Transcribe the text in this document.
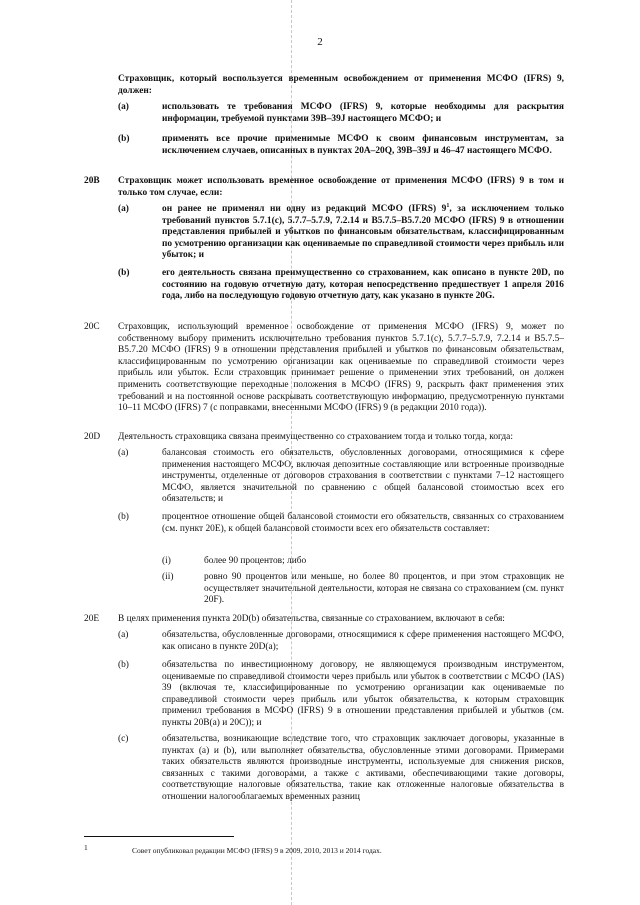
2

Страховщик, который воспользуется временным освобождением от применения МСФО (IFRS) 9, должен:

(a)	использовать те требования МСФО (IFRS) 9, которые необходимы для раскрытия информации, требуемой пунктами 39B–39J настоящего МСФО; и

(b)	применять все прочие применимые МСФО к своим финансовым инструментам, за исключением случаев, описанных в пунктах 20A–20Q, 39B–39J и 46–47 настоящего МСФО.

20B Страховщик может использовать временное освобождение от применения МСФО (IFRS) 9 в том и только том случае, если:

(a)	он ранее не применял ни одну из редакций МСФО (IFRS) $9^1$, за исключением только требований пунктов 5.7.1(c), 5.7.7–5.7.9, 7.2.14 и B5.7.5–B5.7.20 МСФО (IFRS) 9 в отношении представления прибылей и убытков по финансовым обязательствам, классифицированным по усмотрению организации как оцениваемые по справедливой стоимости через прибыль или убыток; и

(b)	его деятельность связана преимущественно со страхованием, как описано в пункте 20D, по состоянию на годовую отчетную дату, которая непосредственно предшествует 1 апреля 2016 года, либо на последующую годовую отчетную дату, как указано в пункте 20G.

20C Страховщик, использующий временное освобождение от применения МСФО (IFRS) 9, может по собственному выбору применить исключительно требования пунктов 5.7.1(c), 5.7.7–5.7.9, 7.2.14 и B5.7.5–B5.7.20 МСФО (IFRS) 9 в отношении представления прибылей и убытков по финансовым обязательствам, классифицированным по усмотрению организации как оцениваемые по справедливой стоимости через прибыль или убыток. Если страховщик принимает решение о применении этих требований, он должен применить соответствующие переходные положения в МСФО (IFRS) 9, раскрыть факт применения этих требований и на постоянной основе раскрывать соответствующую информацию, предусмотренную пунктами 10–11 МСФО (IFRS) 7 (с поправками, внесенными МСФО (IFRS) 9 (в редакции 2010 года)).

20D Деятельность страховщика связана преимущественно со страхованием тогда и только тогда, когда:

(a)	балансовая стоимость его обязательств, обусловленных договорами, относящимися к сфере применения настоящего МСФО, включая депозитные составляющие или встроенные производные инструменты, отделенные от договоров страхования в соответствии с пунктами 7–12 настоящего МСФО, является значительной по сравнению с общей балансовой стоимостью всех его обязательств; и

(b)	процентное отношение общей балансовой стоимости его обязательств, связанных со страхованием (см. пункт 20E), к общей балансовой стоимости всех его обязательств составляет:

(i)	более 90 процентов; либо

(ii)	ровно 90 процентов или меньше, но более 80 процентов, и при этом страховщик не осуществляет значительной деятельности, которая не связана со страхованием (см. пункт 20F).

20E В целях применения пункта 20D(b) обязательства, связанные со страхованием, включают в себя:

(a)	обязательства, обусловленные договорами, относящимися к сфере применения настоящего МСФО, как описано в пункте 20D(a);

(b)	обязательства по инвестиционному договору, не являющемуся производным инструментом, оцениваемые по справедливой стоимости через прибыль или убыток в соответствии с МСФО (IAS) 39 (включая те, классифицированные по усмотрению организации как оцениваемые по справедливой стоимости через прибыль или убыток обязательства, к которым страховщик применил требования в МСФО (IFRS) 9 в отношении представления прибылей и убытков (см. пункты 20B(a) и 20C)); и

(c)	обязательства, возникающие вследствие того, что страховщик заключает договоры, указанные в пунктах (a) и (b), или выполняет обязательства, обусловленные этими договорами. Примерами таких обязательств являются производные инструменты, используемые для снижения рисков, связанных с такими договорами, а также с активами, обеспечивающими такие договоры, соответствующие налоговые обязательства, такие как отложенные налоговые обязательства в отношении налогооблагаемых временных разниц

1	Совет опубликовал редакции МСФО (IFRS) 9 в 2009, 2010, 2013 и 2014 годах.
